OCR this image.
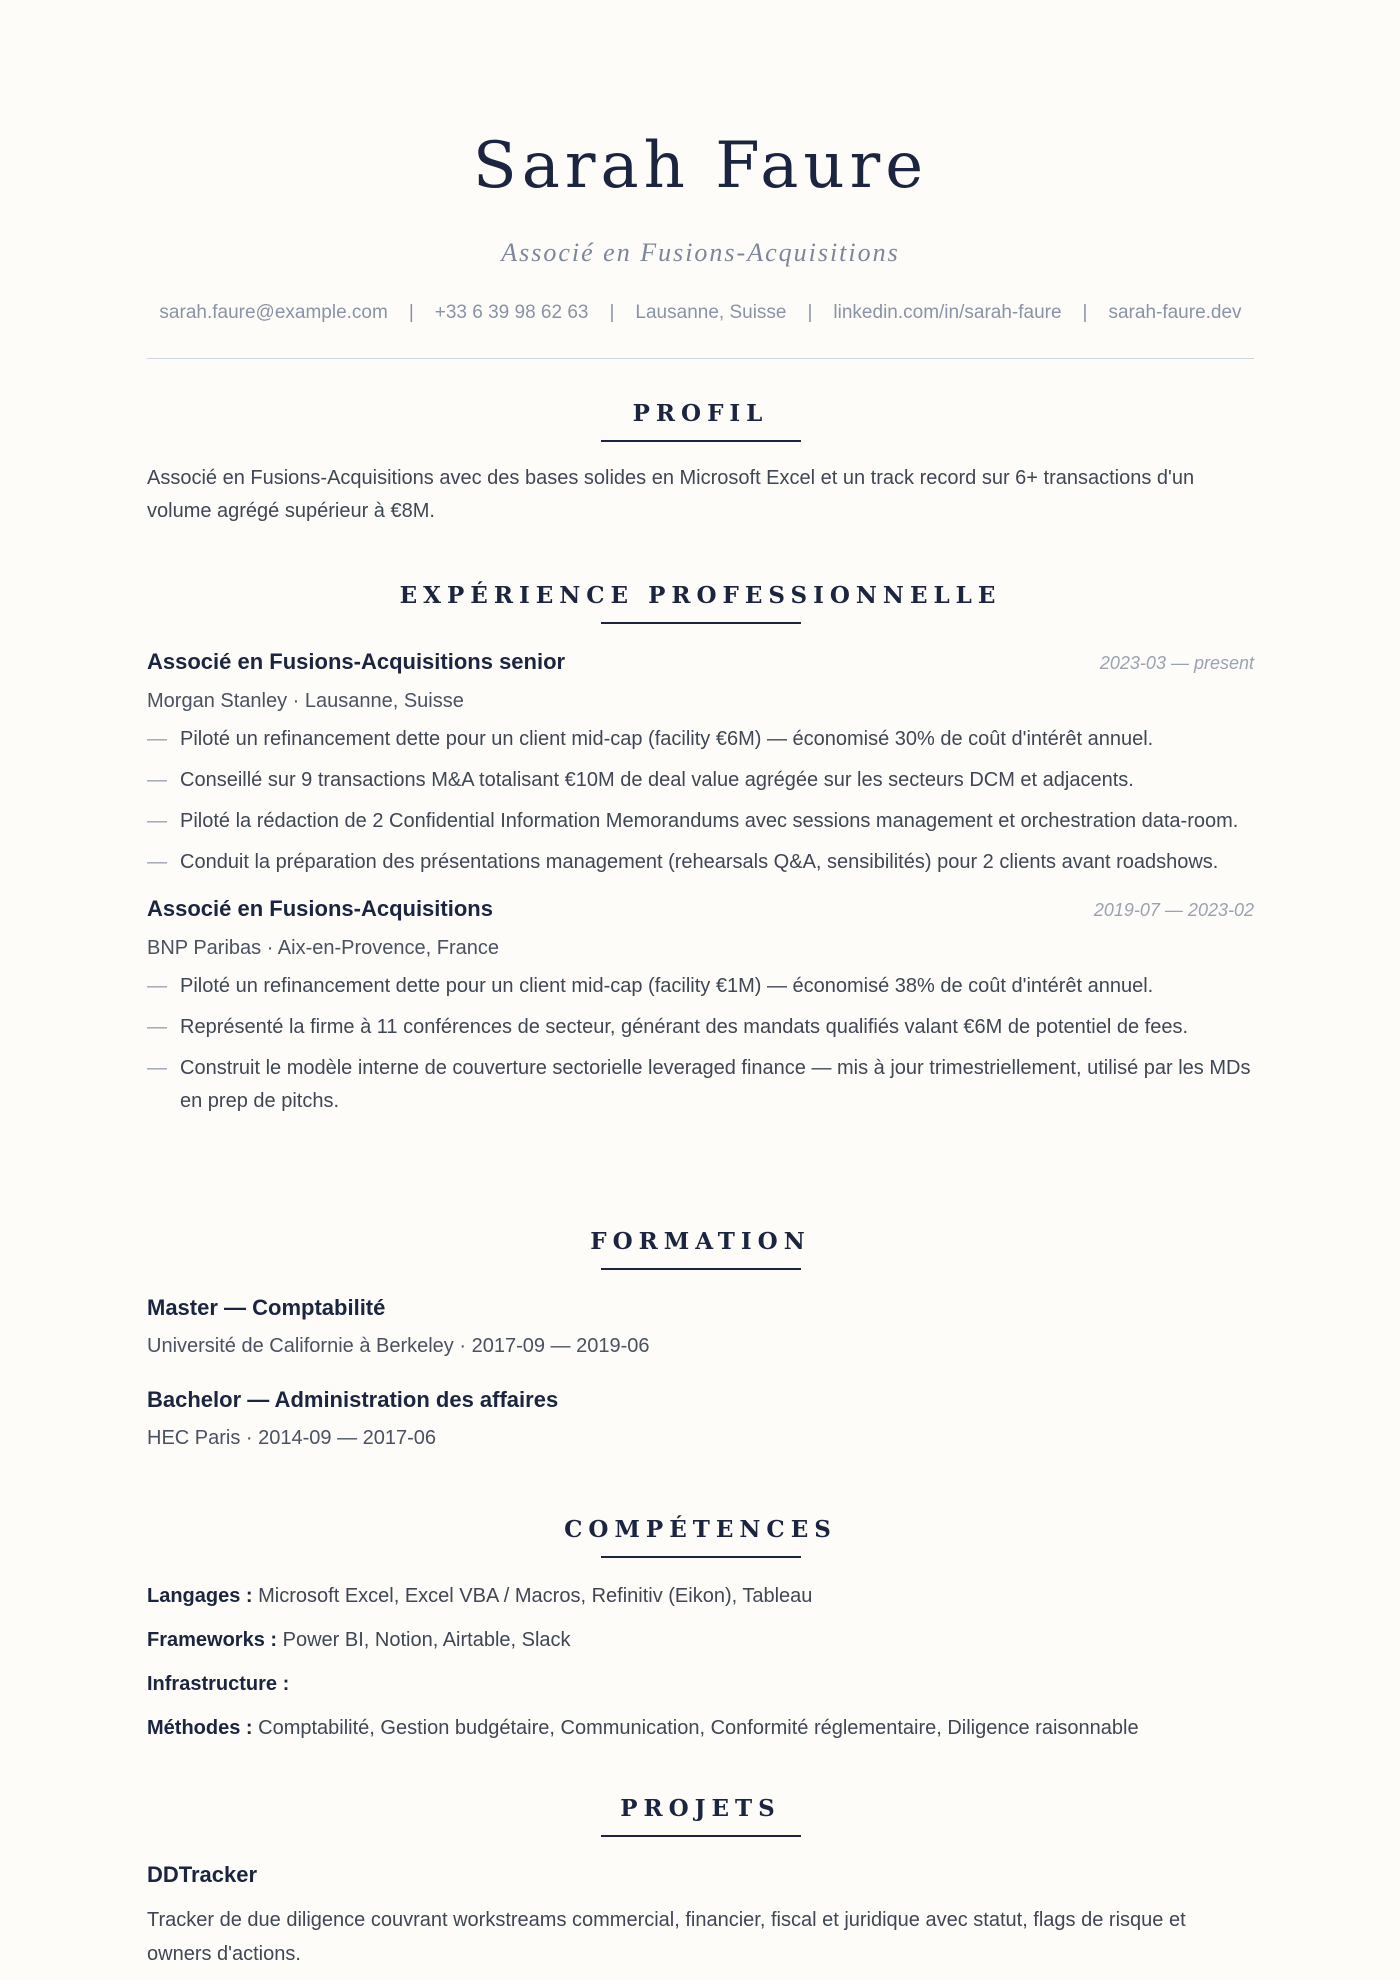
Sarah Faure
Associé en Fusions-Acquisitions
sarah.faure@example.com | +33 6 39 98 62 63 | Lausanne, Suisse | linkedin.com/in/sarah-faure | sarah-faure.dev
PROFIL
Associé en Fusions-Acquisitions avec des bases solides en Microsoft Excel et un track record sur 6+ transactions d'un volume agrégé supérieur à €8M.
EXPÉRIENCE PROFESSIONNELLE
Associé en Fusions-Acquisitions senior	2023-03 — present
Morgan Stanley · Lausanne, Suisse
— Piloté un refinancement dette pour un client mid-cap (facility €6M) — économisé 30% de coût d'intérêt annuel.
— Conseillé sur 9 transactions M&A totalisant €10M de deal value agrégée sur les secteurs DCM et adjacents.
— Piloté la rédaction de 2 Confidential Information Memorandums avec sessions management et orchestration data-room.
— Conduit la préparation des présentations management (rehearsals Q&A, sensibilités) pour 2 clients avant roadshows.
Associé en Fusions-Acquisitions	2019-07 — 2023-02
BNP Paribas · Aix-en-Provence, France
— Piloté un refinancement dette pour un client mid-cap (facility €1M) — économisé 38% de coût d'intérêt annuel.
— Représenté la firme à 11 conférences de secteur, générant des mandats qualifiés valant €6M de potentiel de fees.
— Construit le modèle interne de couverture sectorielle leveraged finance — mis à jour trimestriellement, utilisé par les MDs en prep de pitchs.
FORMATION
Master — Comptabilité
Université de Californie à Berkeley · 2017-09 — 2019-06
Bachelor — Administration des affaires
HEC Paris · 2014-09 — 2017-06
COMPÉTENCES
Langages : Microsoft Excel, Excel VBA / Macros, Refinitiv (Eikon), Tableau
Frameworks : Power BI, Notion, Airtable, Slack
Infrastructure :
Méthodes : Comptabilité, Gestion budgétaire, Communication, Conformité réglementaire, Diligence raisonnable
PROJETS
DDTracker
Tracker de due diligence couvrant workstreams commercial, financier, fiscal et juridique avec statut, flags de risque et owners d'actions.
